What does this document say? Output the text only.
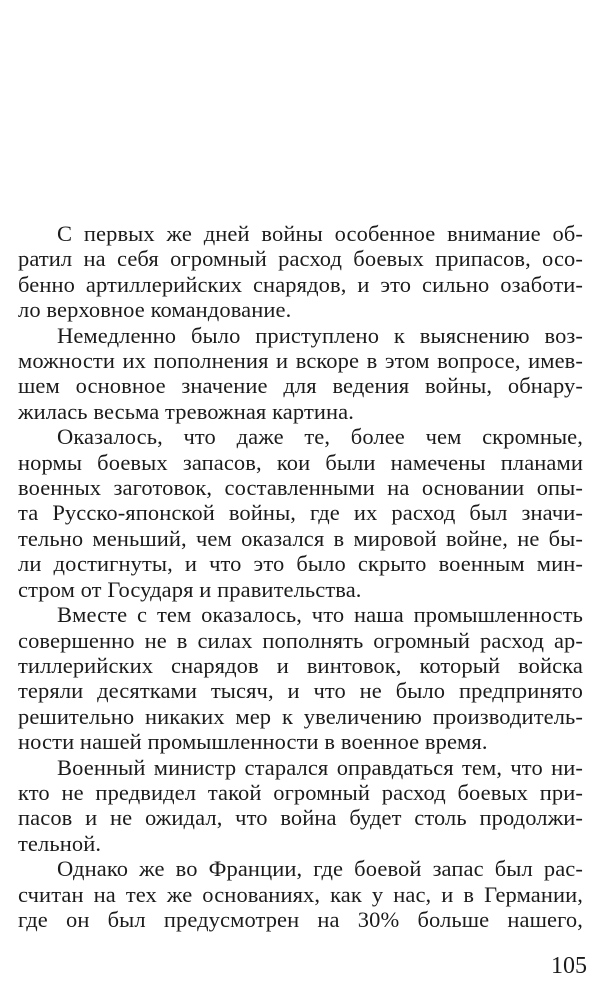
С первых же дней войны особенное внимание об-
ратил на себя огромный расход боевых припасов, осо-
бенно артиллерийских снарядов, и это сильно озаботи-
ло верховное командование.
Немедленно было приступлено к выяснению воз-
можности их пополнения и вскоре в этом вопросе, имев-
шем основное значение для ведения войны, обнару-
жилась весьма тревожная картина.
Оказалось, что даже те, более чем скромные,
нормы боевых запасов, кои были намечены планами
военных заготовок, составленными на основании опы-
та Русско-японской войны, где их расход был значи-
тельно меньший, чем оказался в мировой войне, не бы-
ли достигнуты, и что это было скрыто военным мин-
стром от Государя и правительства.
Вместе с тем оказалось, что наша промышленность
совершенно не в силах пополнять огромный расход ар-
тиллерийских снарядов и винтовок, который войска
теряли десятками тысяч, и что не было предпринято
решительно никаких мер к увеличению производитель-
ности нашей промышленности в военное время.
Военный министр старался оправдаться тем, что ни-
кто не предвидел такой огромный расход боевых при-
пасов и не ожидал, что война будет столь продолжи-
тельной.
Однако же во Франции, где боевой запас был рас-
считан на тех же основаниях, как у нас, и в Германии,
где он был предусмотрен на 30% больше нашего,
105
